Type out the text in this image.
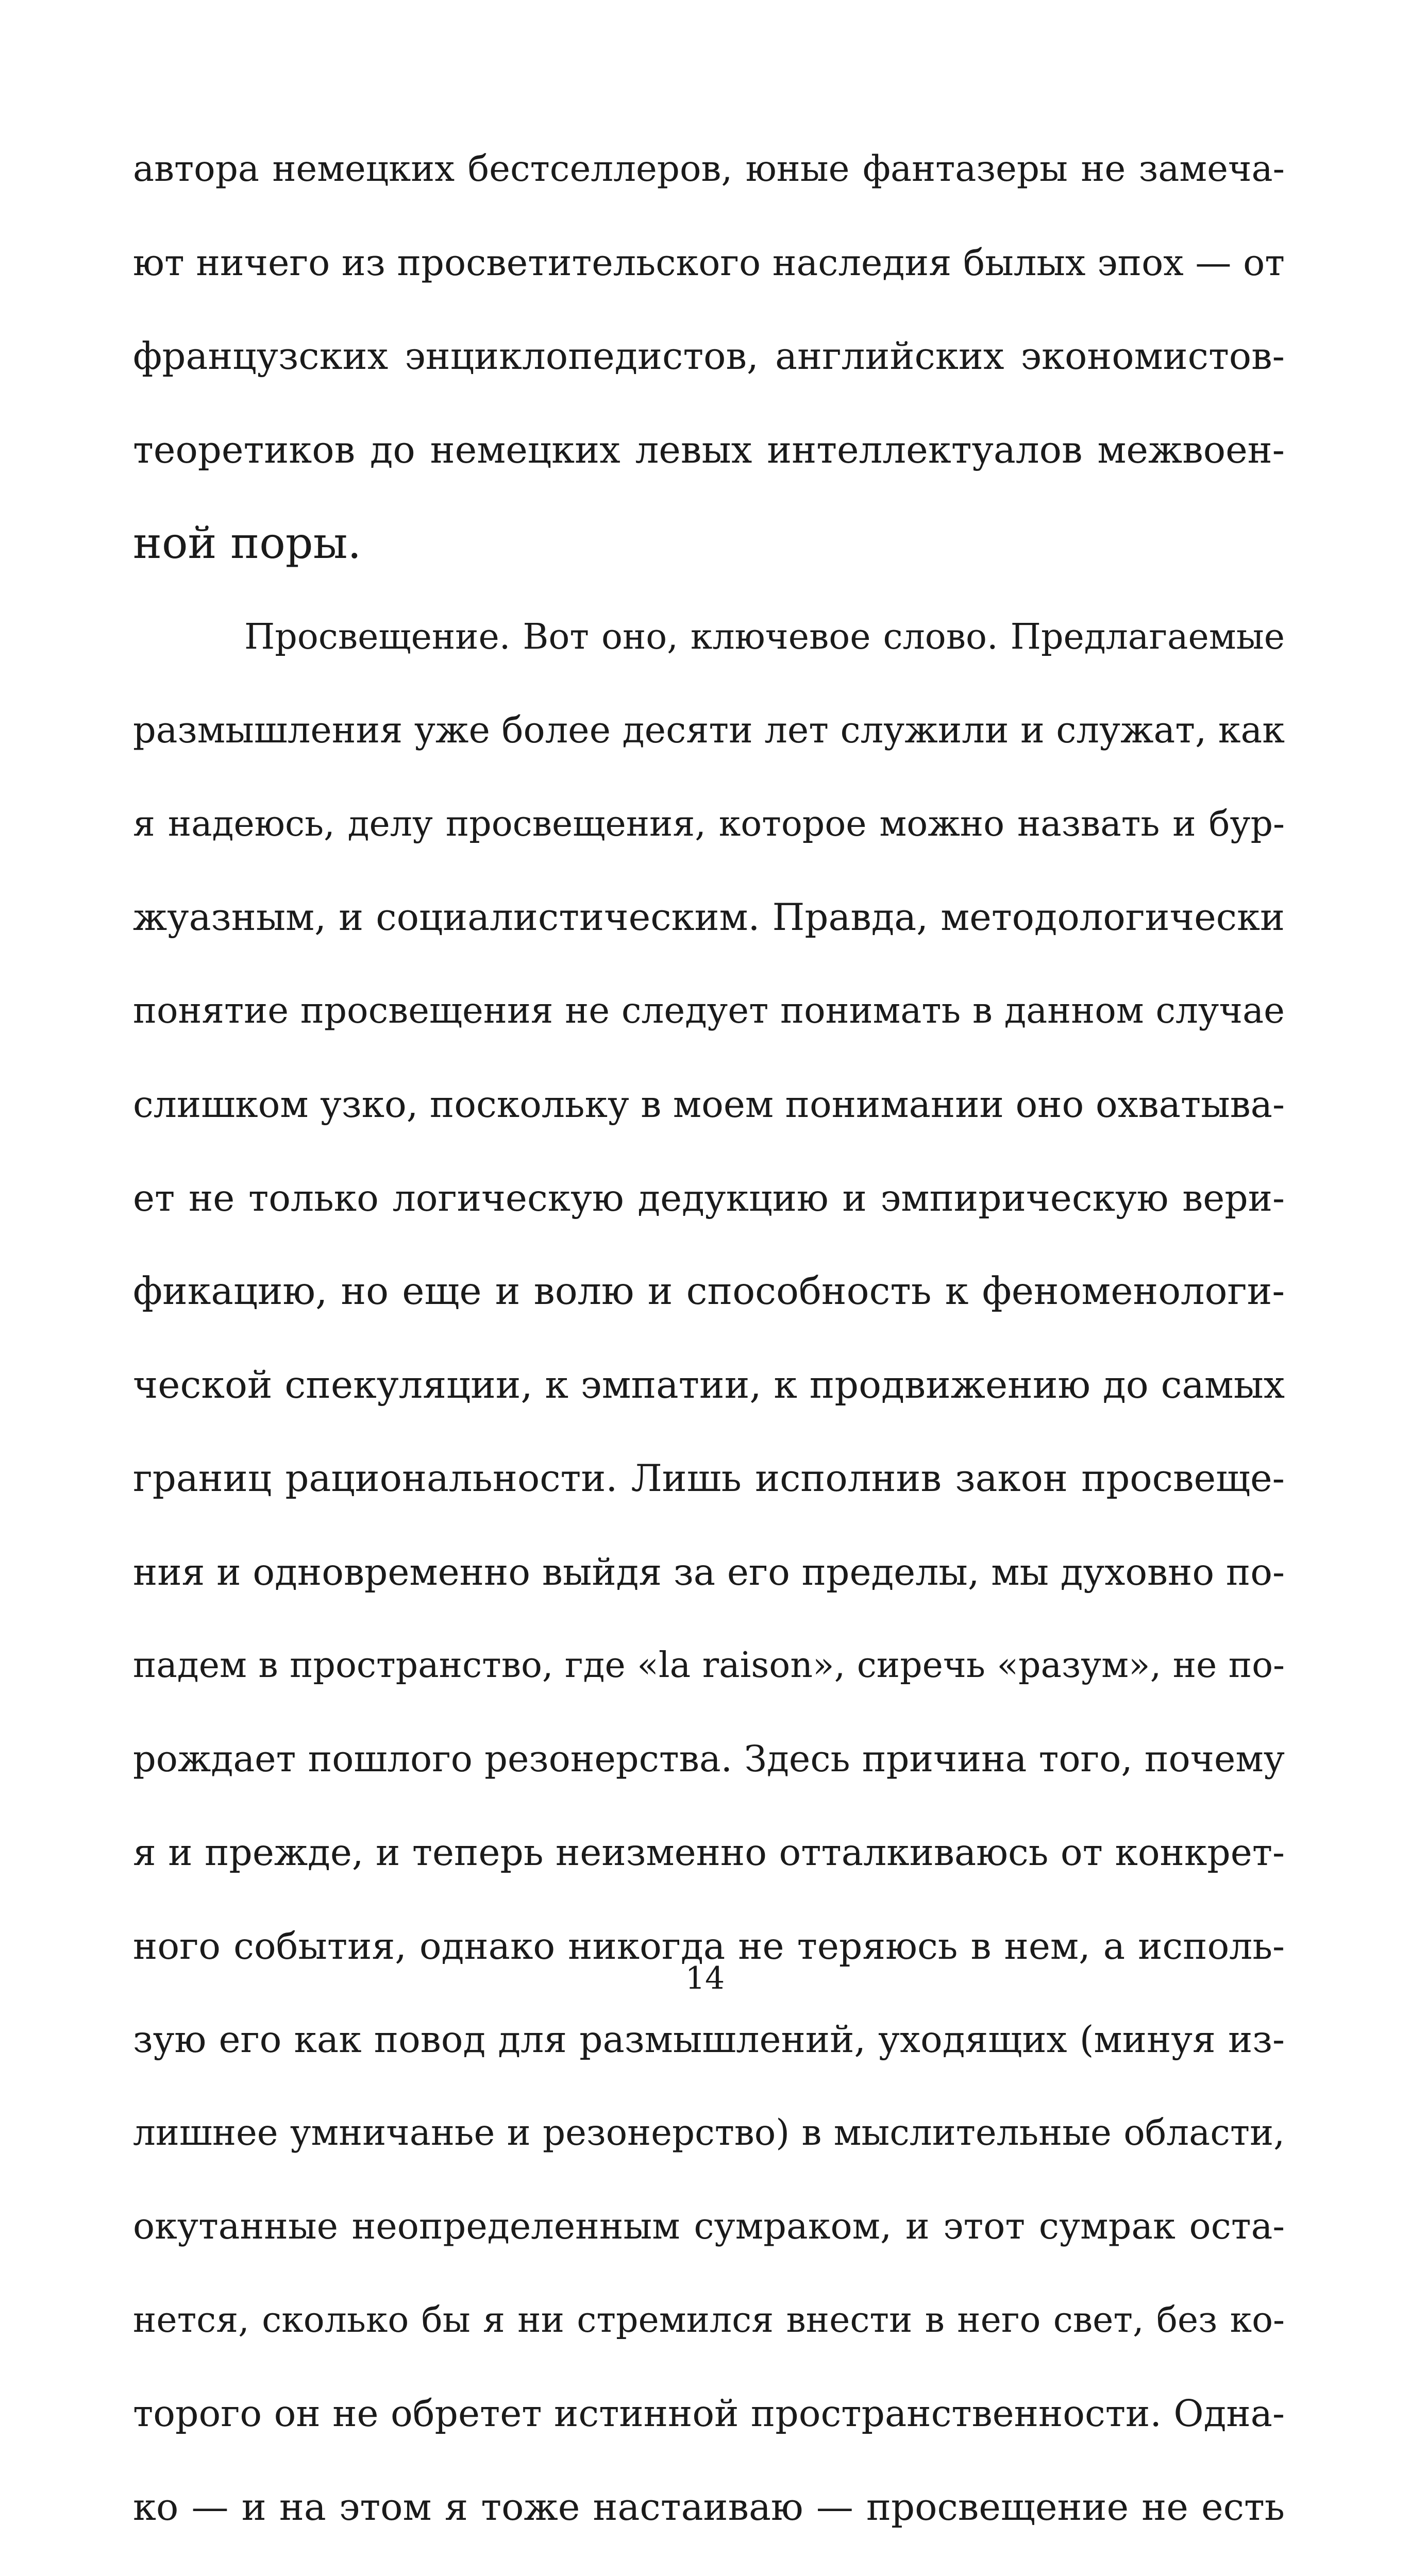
автора немецких бестселлеров, юные фантазеры не замеча-
ют ничего из просветительского наследия былых эпох — от
французских энциклопедистов, английских экономистов-
теоретиков до немецких левых интеллектуалов межвоен-
ной поры.
Просвещение. Вот оно, ключевое слово. Предлагаемые
размышления уже более десяти лет служили и служат, как
я надеюсь, делу просвещения, которое можно назвать и бур-
жуазным, и социалистическим. Правда, методологически
понятие просвещения не следует понимать в данном случае
слишком узко, поскольку в моем понимании оно охватыва-
ет не только логическую дедукцию и эмпирическую вери-
фикацию, но еще и волю и способность к феноменологи-
ческой спекуляции, к эмпатии, к продвижению до самых
границ рациональности. Лишь исполнив закон просвеще-
ния и одновременно выйдя за его пределы, мы духовно по-
падем в пространство, где «la raison», сиречь «разум», не по-
рождает пошлого резонерства. Здесь причина того, почему
я и прежде, и теперь неизменно отталкиваюсь от конкрет-
ного события, однако никогда не теряюсь в нем, а исполь-
зую его как повод для размышлений, уходящих (минуя из-
лишнее умничанье и резонерство) в мыслительные области,
окутанные неопределенным сумраком, и этот сумрак оста-
нется, сколько бы я ни стремился внести в него свет, без ко-
торого он не обретет истинной пространственности. Одна-
ко — и на этом я тоже настаиваю — просвещение не есть
14
